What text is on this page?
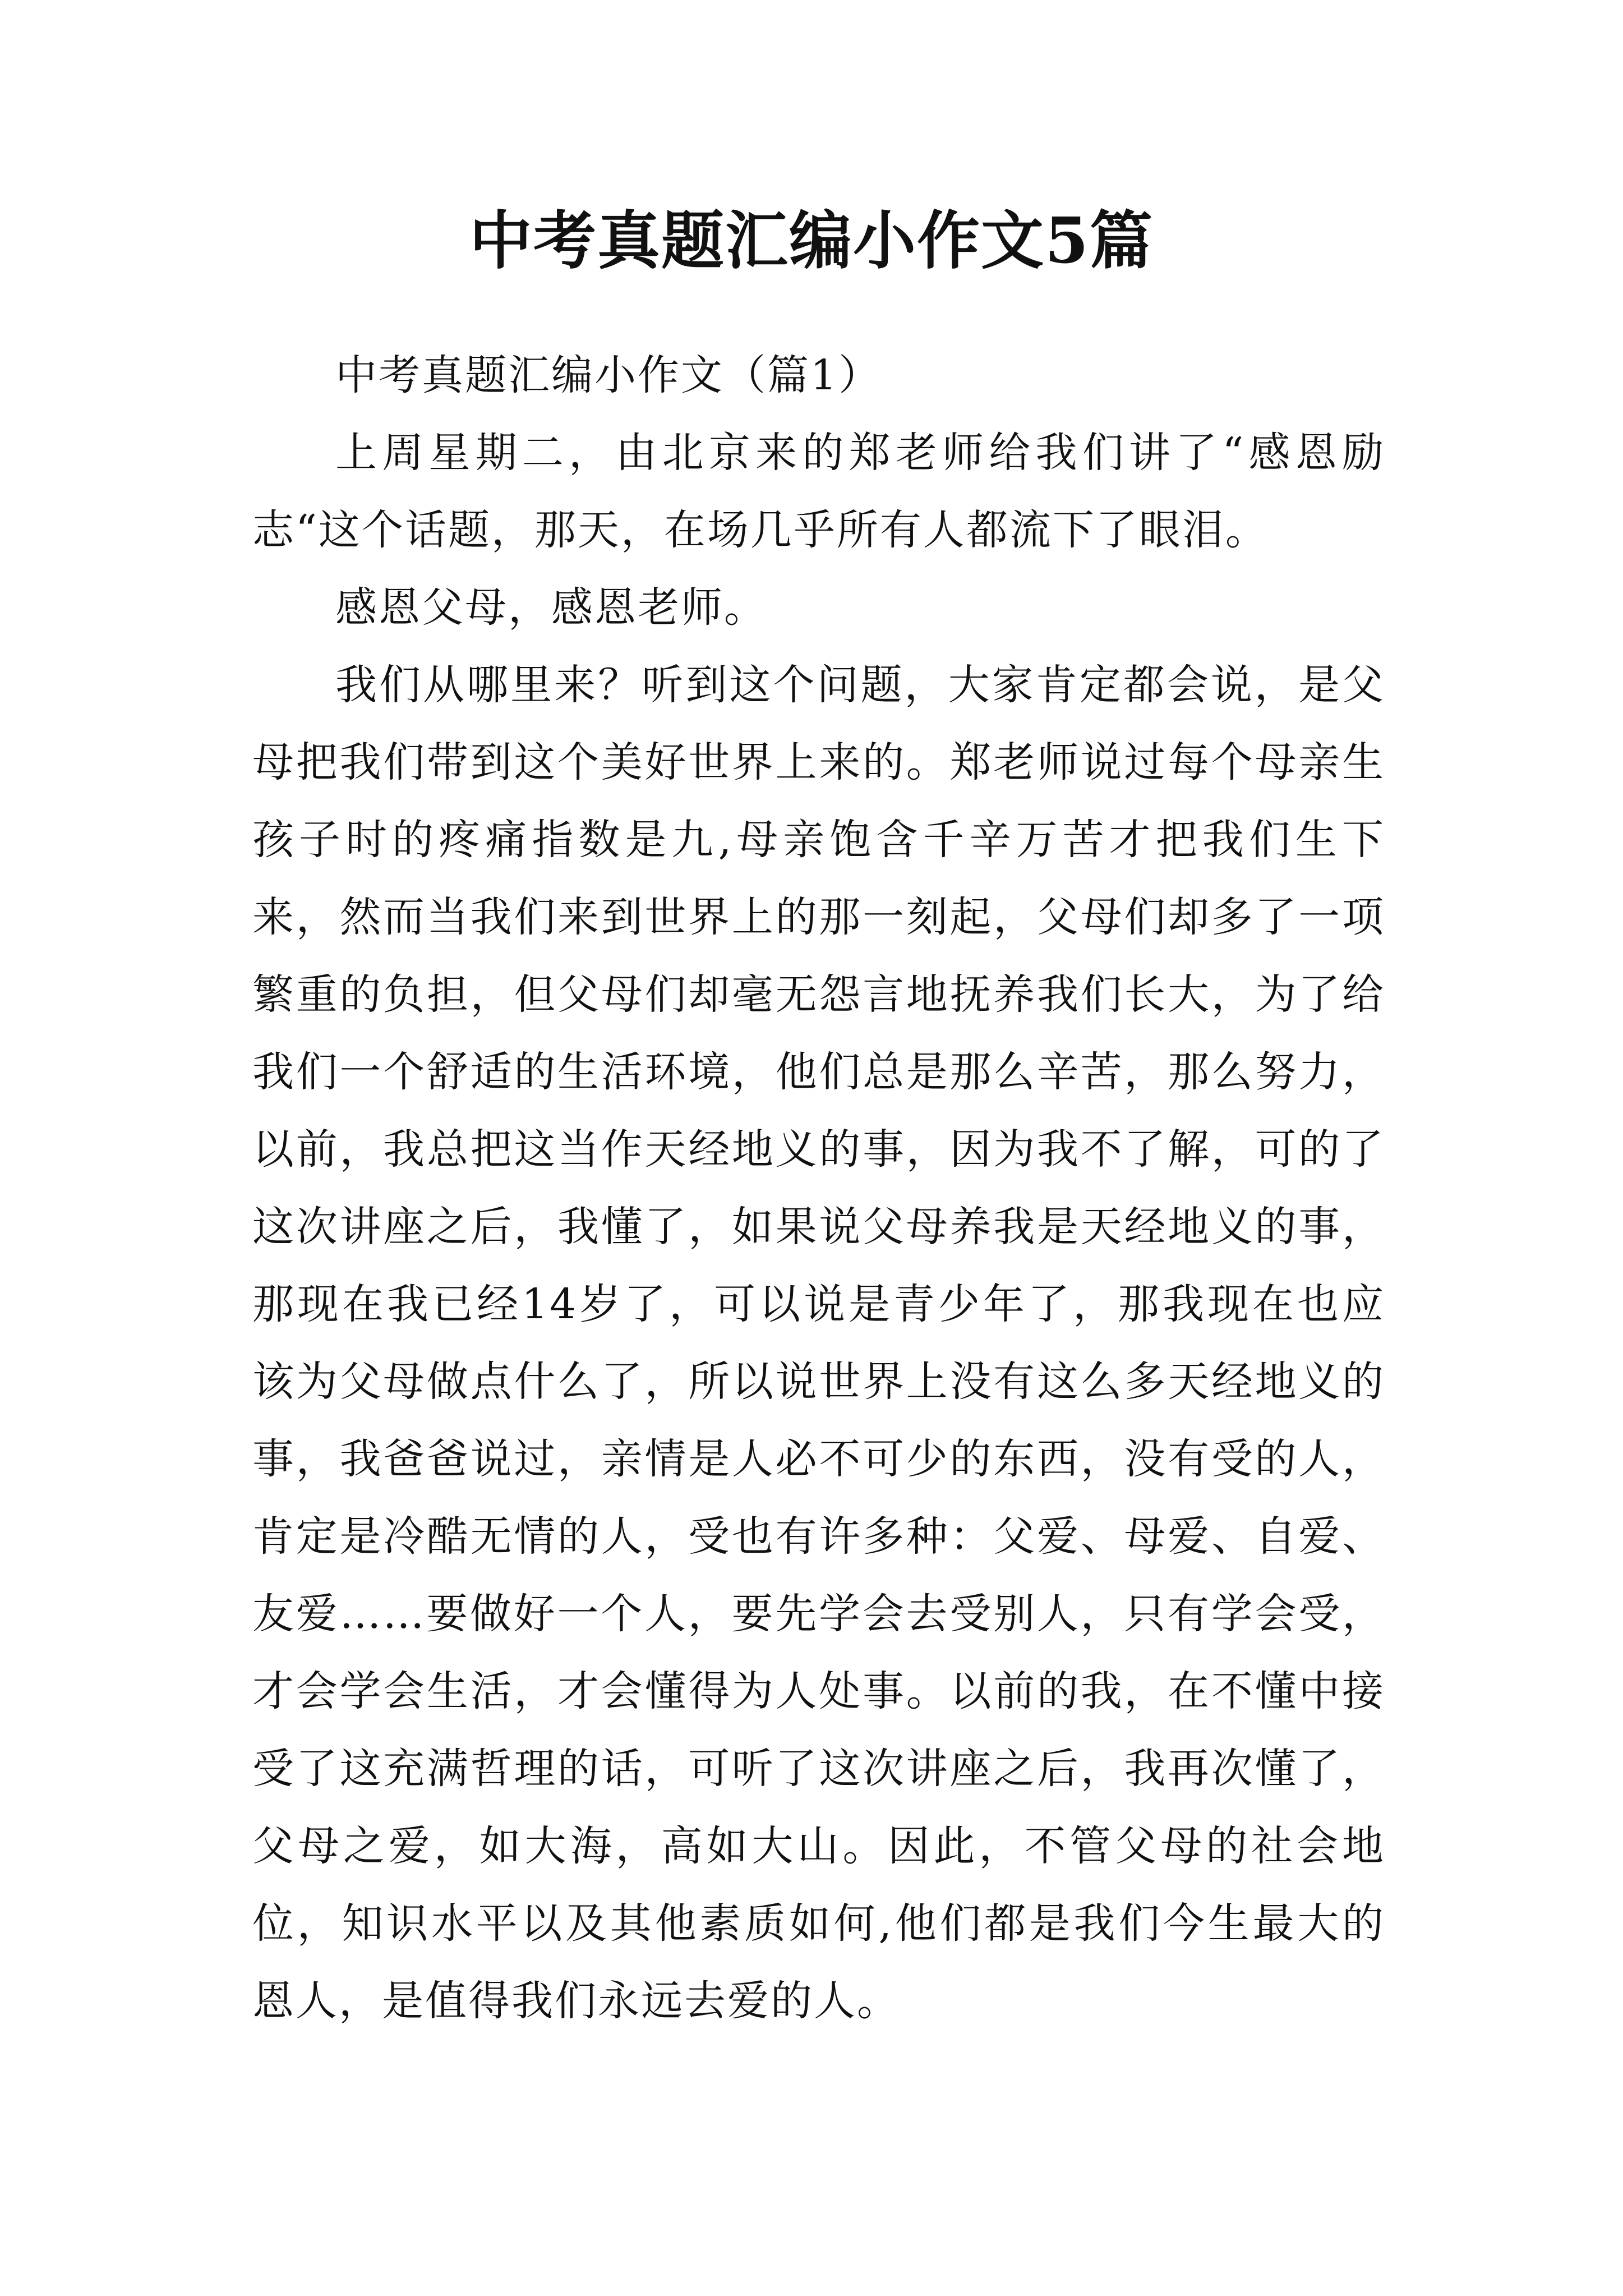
中考真题汇编小作文5篇

中考真题汇编小作文（篇1）

上周星期二，由北京来的郑老师给我们讲了“感恩励志“这个话题，那天，在场几乎所有人都流下了眼泪。

感恩父母，感恩老师。

我们从哪里来？听到这个问题，大家肯定都会说，是父母把我们带到这个美好世界上来的。郑老师说过每个母亲生孩子时的疼痛指数是九,母亲饱含千辛万苦才把我们生下来，然而当我们来到世界上的那一刻起，父母们却多了一项繁重的负担，但父母们却毫无怨言地抚养我们长大，为了给我们一个舒适的生活环境，他们总是那么辛苦，那么努力，以前，我总把这当作天经地义的事，因为我不了解，可的了这次讲座之后，我懂了，如果说父母养我是天经地义的事，那现在我已经14岁了，可以说是青少年了，那我现在也应该为父母做点什么了，所以说世界上没有这么多天经地义的事，我爸爸说过，亲情是人必不可少的东西，没有受的人，肯定是冷酷无情的人，受也有许多种：父爱、母爱、自爱、友爱……要做好一个人，要先学会去受别人，只有学会受，才会学会生活，才会懂得为人处事。以前的我，在不懂中接受了这充满哲理的话，可听了这次讲座之后，我再次懂了，父母之爱，如大海，高如大山。因此，不管父母的社会地位，知识水平以及其他素质如何,他们都是我们今生最大的恩人，是值得我们永远去爱的人。
